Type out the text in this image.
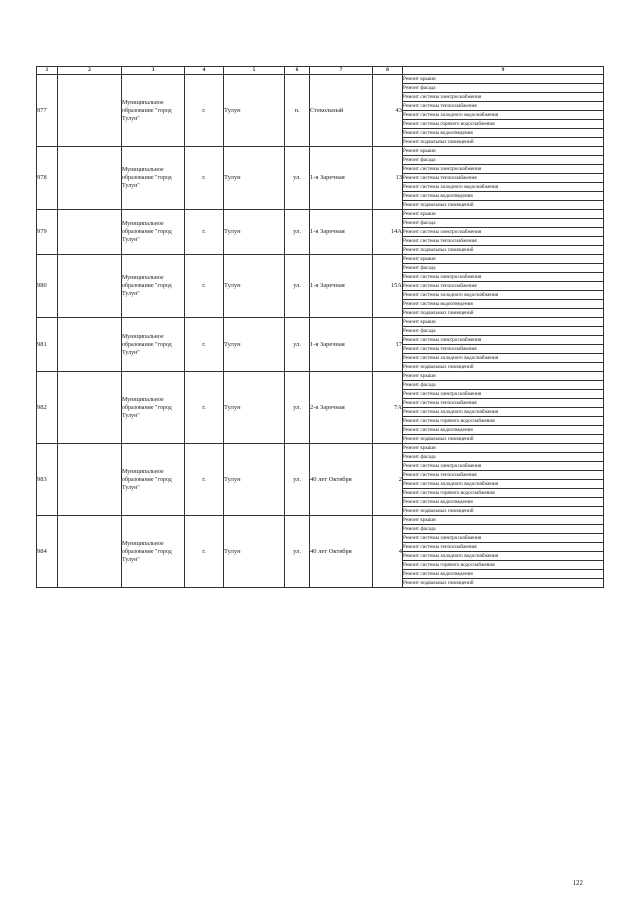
1	2	3	4	5	6	7	8	9
977		Муниципальное образование "город Тулун"	г.	Тулун	п.	Стекольный	43	Ремонт крыши
								Ремонт фасада
								Ремонт системы электроснабжения
								Ремонт системы теплоснабжения
								Ремонт системы холодного водоснабжения
								Ремонт системы горячего водоснабжения
								Ремонт системы водоотведения
								Ремонт подвальных помещений
978		Муниципальное образование "город Тулун"	г.	Тулун	ул.	1-я Заречная	13	Ремонт крыши
								Ремонт фасада
								Ремонт системы электроснабжения
								Ремонт системы теплоснабжения
								Ремонт системы холодного водоснабжения
								Ремонт системы водоотведения
								Ремонт подвальных помещений
979		Муниципальное образование "город Тулун"	г.	Тулун	ул.	1-я Заречная	14А	Ремонт крыши
								Ремонт фасада
								Ремонт системы электроснабжения
								Ремонт системы теплоснабжения
								Ремонт подвальных помещений
980		Муниципальное образование "город Тулун"	г.	Тулун	ул.	1-я Заречная	15А	Ремонт крыши
								Ремонт фасада
								Ремонт системы электроснабжения
								Ремонт системы теплоснабжения
								Ремонт системы холодного водоснабжения
								Ремонт системы водоотведения
								Ремонт подвальных помещений
981		Муниципальное образование "город Тулун"	г.	Тулун	ул.	1-я Заречная	17	Ремонт крыши
								Ремонт фасада
								Ремонт системы электроснабжения
								Ремонт системы теплоснабжения
								Ремонт системы холодного водоснабжения
								Ремонт подвальных помещений
982		Муниципальное образование "город Тулун"	г.	Тулун	ул.	2-я Заречная	7А	Ремонт крыши
								Ремонт фасада
								Ремонт системы электроснабжения
								Ремонт системы теплоснабжения
								Ремонт системы холодного водоснабжения
								Ремонт системы горячего водоснабжения
								Ремонт системы водоотведения
								Ремонт подвальных помещений
983		Муниципальное образование "город Тулун"	г.	Тулун	ул.	40 лет Октября	2	Ремонт крыши
								Ремонт фасада
								Ремонт системы электроснабжения
								Ремонт системы теплоснабжения
								Ремонт системы холодного водоснабжения
								Ремонт системы горячего водоснабжения
								Ремонт системы водоотведения
								Ремонт подвальных помещений
984		Муниципальное образование "город Тулун"	г.	Тулун	ул.	40 лет Октября	4	Ремонт крыши
								Ремонт фасада
								Ремонт системы электроснабжения
								Ремонт системы теплоснабжения
								Ремонт системы холодного водоснабжения
								Ремонт системы горячего водоснабжения
								Ремонт системы водоотведения
								Ремонт подвальных помещений
122
